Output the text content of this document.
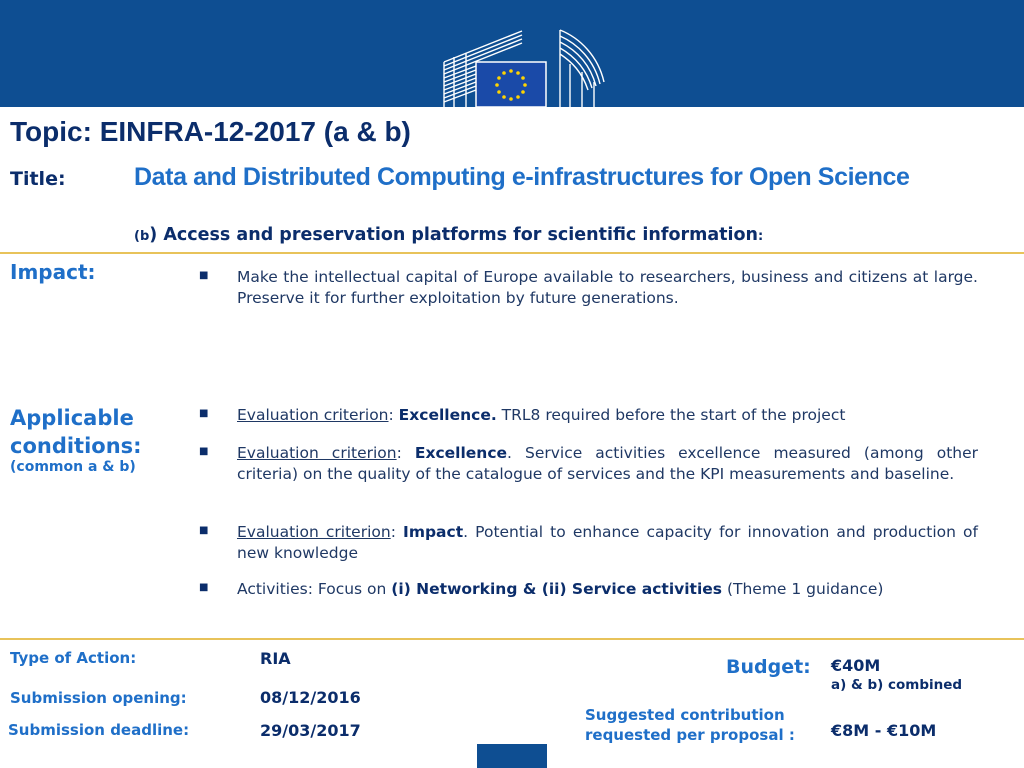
Topic: EINFRA-12-2017 (a & b)
Title:	Data and Distributed Computing e-infrastructures for Open Science
(b) Access and preservation platforms for scientific information:
Impact:	■ Make the intellectual capital of Europe available to researchers, business and citizens at large. Preserve it for further exploitation by future generations.
Applicable
conditions:
(common a & b)
■ Evaluation criterion: Excellence. TRL8 required before the start of the project
■ Evaluation criterion: Excellence. Service activities excellence measured (among other criteria) on the quality of the catalogue of services and the KPI measurements and baseline.
■ Evaluation criterion: Impact. Potential to enhance capacity for innovation and production of new knowledge
■ Activities: Focus on (i) Networking & (ii) Service activities (Theme 1 guidance)
Type of Action:	RIA
Submission opening:	08/12/2016
Submission deadline:	29/03/2017
Budget: €40M
a) & b) combined
Suggested contribution
requested per proposal : €8M - €10M
